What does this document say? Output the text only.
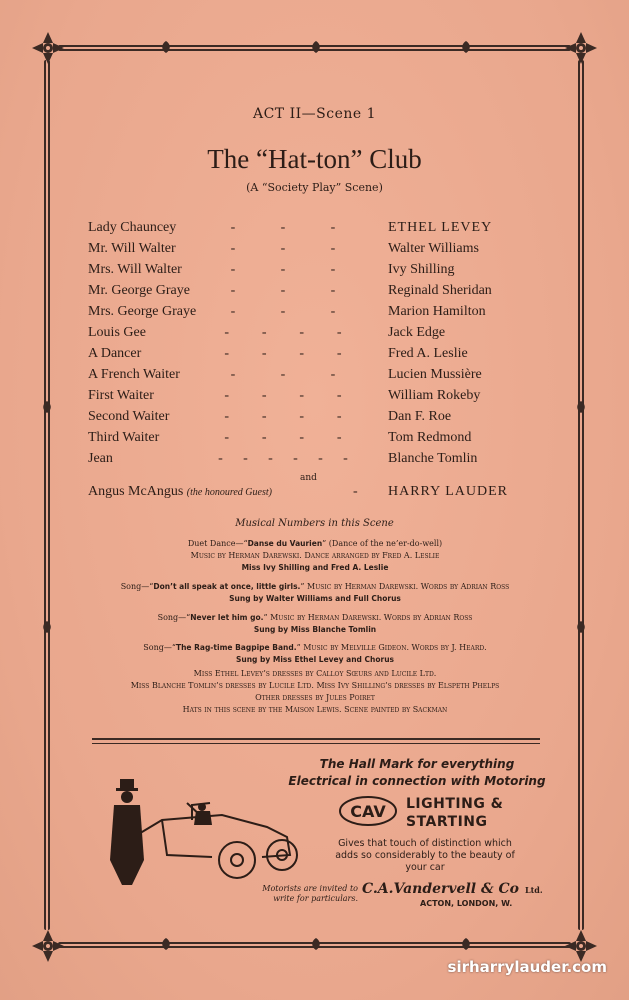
ACT II—Scene 1
The “Hat-ton” Club
(A “Society Play” Scene)
Lady Chauncey	-	-	-	ETHEL LEVEY
Mr. Will Walter	-	-	-	Walter Williams
Mrs. Will Walter	-	-	-	Ivy Shilling
Mr. George Graye	-	-	-	Reginald Sheridan
Mrs. George Graye -	-	-	Marion Hamilton
Louis Gee	- - - -	Jack Edge
A Dancer	- - - -	Fred A. Leslie
A French Waiter	-	-	-	Lucien Mussière
First Waiter	- - - -	William Rokeby
Second Waiter	- - - -	Dan F. Roe
Third Waiter	- - - -	Tom Redmond
Jean	- - - - - -	Blanche Tomlin
and
Angus McAngus (the honoured Guest)	- HARRY LAUDER
Musical Numbers in this Scene
Duet Dance—“Danse du Vaurien” (Dance of the ne’er-do-well)
Music by Herman Darewski. Dance arranged by Fred A. Leslie
Miss Ivy Shilling and Fred A. Leslie
Song—“Don’t all speak at once, little girls.” Music by Herman Darewski. Words by Adrian Ross
Sung by Walter Williams and Full Chorus
Song—“Never let him go.” Music by Herman Darewski. Words by Adrian Ross
Sung by Miss Blanche Tomlin
Song—“The Rag-time Bagpipe Band.” Music by Melville Gideon. Words by J. Heard.
Sung by Miss Ethel Levey and Chorus
Miss Ethel Levey’s dresses by Calloy Sœurs and Lucile Ltd.
Miss Blanche Tomlin’s dresses by Lucile Ltd. Miss Ivy Shilling’s dresses by Elspeth Phelps
Other dresses by Jules Poiret
Hats in this scene by the Maison Lewis. Scene painted by Sackman
The Hall Mark for everything
Electrical in connection with Motoring
CAV LIGHTING &
STARTING
Gives that touch of distinction which
adds so considerably to the beauty of
your car
Motorists are invited to
write for particulars.
C.A.Vandervell & Co Ltd.
ACTON, LONDON, W.
sirharrylauder.com
